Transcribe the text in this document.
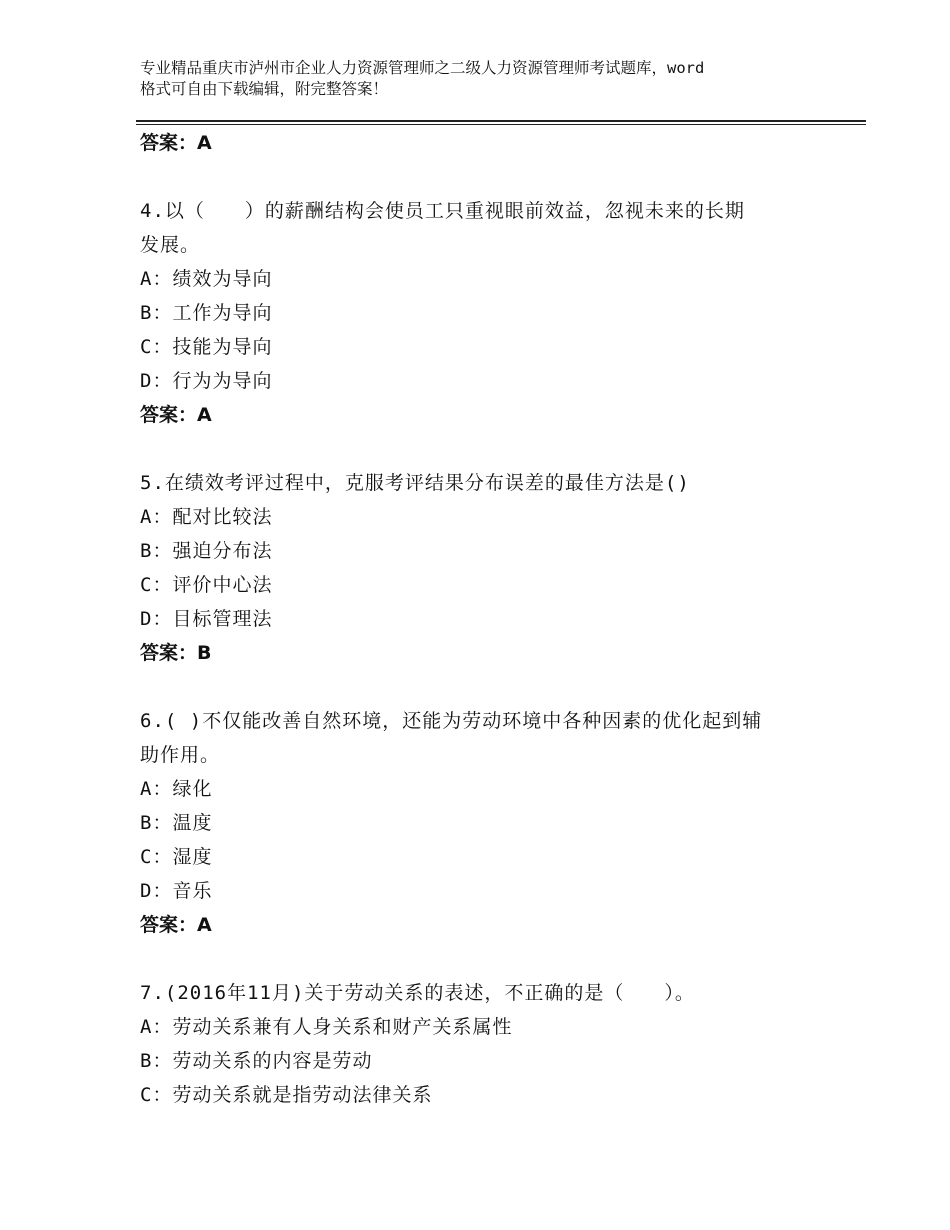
专业精品重庆市泸州市企业人力资源管理师之二级人力资源管理师考试题库，word
格式可自由下载编辑，附完整答案！
答案：A
4.以（　　）的薪酬结构会使员工只重视眼前效益，忽视未来的长期
发展。
A：绩效为导向
B：工作为导向
C：技能为导向
D：行为为导向
答案：A
5.在绩效考评过程中，克服考评结果分布误差的最佳方法是()
A：配对比较法
B：强迫分布法
C：评价中心法
D：目标管理法
答案：B
6.( )不仅能改善自然环境，还能为劳动环境中各种因素的优化起到辅
助作用。
A：绿化
B：温度
C：湿度
D：音乐
答案：A
7.(2016年11月)关于劳动关系的表述，不正确的是（　　）。
A：劳动关系兼有人身关系和财产关系属性
B：劳动关系的内容是劳动
C：劳动关系就是指劳动法律关系
